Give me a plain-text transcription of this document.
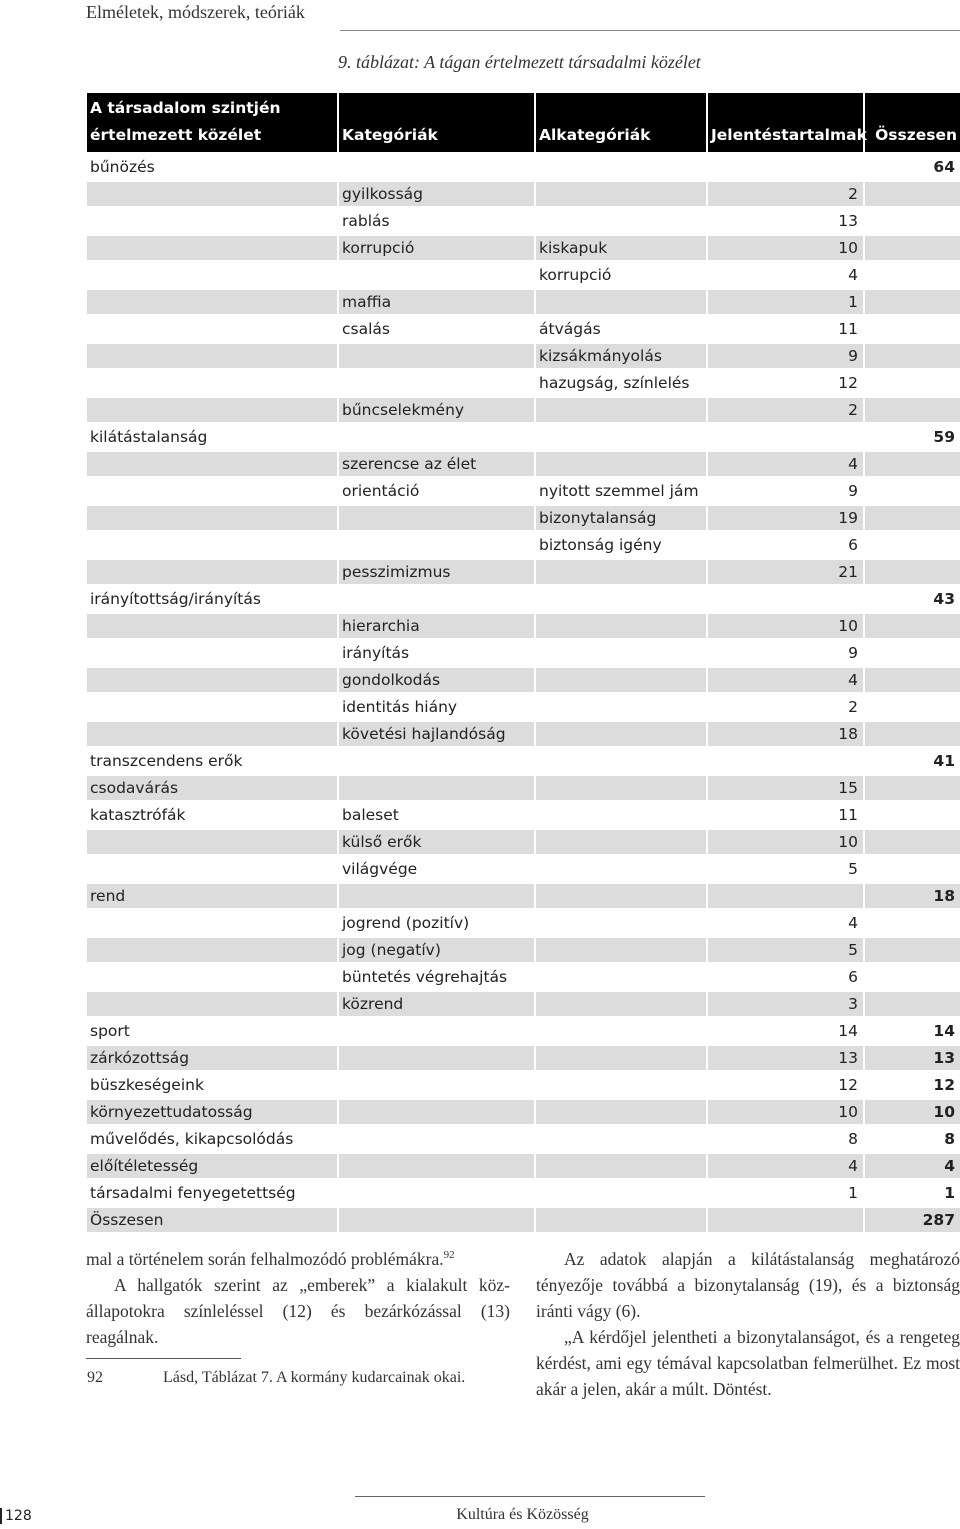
Elméletek, módszerek, teóriák
9. táblázat: A tágan értelmezett társadalmi közélet
A társadalom szintjén értelmezett közélet	Kategóriák	Alkategóriák	Jelentéstartalmak	Összesen
bűnözés				64
	gyilkosság		2	
	rablás		13	
	korrupció	kiskapuk	10	
		korrupció	4	
	maffia		1	
	csalás	átvágás	11	
		kizsákmányolás	9	
		hazugság, színlelés	12	
	bűncselekmény		2	
kilátástalanság				59
	szerencse az élet		4	
	orientáció	nyitott szemmel jám	9	
		bizonytalanság	19	
		biztonság igény	6	
	pesszimizmus		21	
irányítottság/irányítás				43
	hierarchia		10	
	irányítás		9	
	gondolkodás		4	
	identitás hiány		2	
	követési hajlandóság		18	
transzcendens erők				41
csodavárás			15	
katasztrófák	baleset		11	
	külső erők		10	
	világvége		5	
rend				18
	jogrend (pozitív)		4	
	jog (negatív)		5	
	büntetés végrehajtás		6	
	közrend		3	
sport			14	14
zárkózottság			13	13
büszkeségeink			12	12
környezettudatosság			10	10
művelődés, kikapcsolódás			8	8
előítéletesség			4	4
társadalmi fenyegetettség			1	1
Összesen				287

mal a történelem során felhalmozódó problémákra.$^{92}$

A hallgatók szerint az „emberek” a kialakult közállapotokra színleléssel (12) és bezárkózással (13) reagálnak.

92	Lásd, Táblázat 7. A kormány kudarcainak okai.

Az adatok alapján a kilátástalanság meghatározó tényezője továbbá a bizonytalanság (19), és a biztonság iránti vágy (6).

„A kérdőjel jelentheti a bizonytalanságot, és a rengeteg kérdést, ami egy témával kapcsolatban felmerülhet. Ez most akár a jelen, akár a múlt. Döntést.

128	Kultúra és Közösség
